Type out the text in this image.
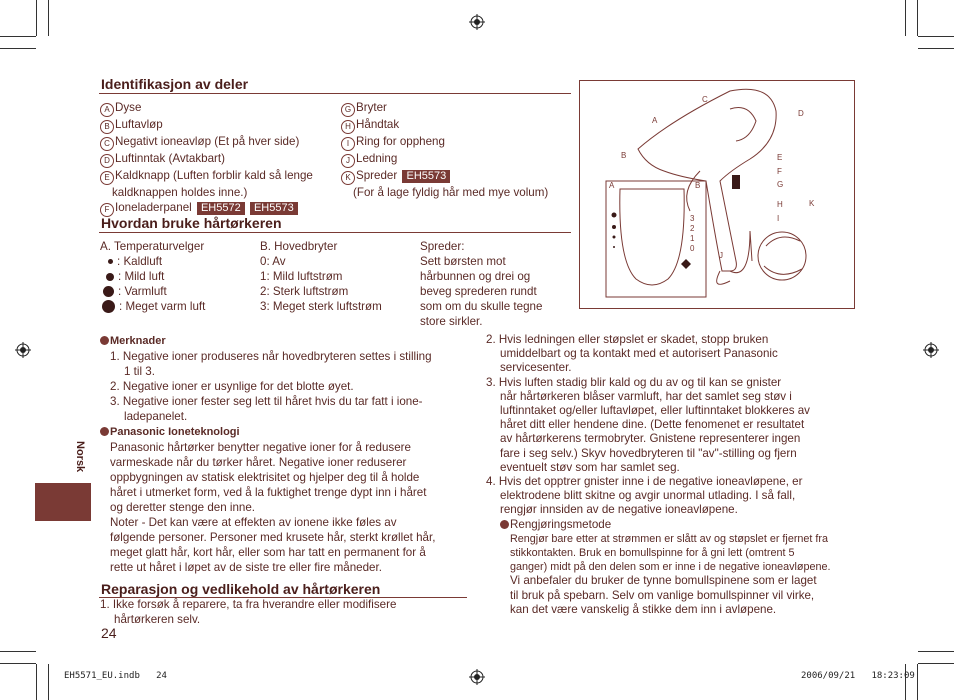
Identifikasjon av deler
A Dyse
B Luftavløp
C Negativt ioneavløp (Et på hver side)
D Luftinntak (Avtakbart)
E Kaldknapp (Luften forblir kald så lenge
kaldknappen holdes inne.)
F Ioneladerpanel EH5572 EH5573
G Bryter
H Håndtak
I Ring for oppheng
J Ledning
K Spreder EH5573
(For å lage fyldig hår med mye volum)
Hvordan bruke hårtørkeren
A. Temperaturvelger
: Kaldluft
: Mild luft
: Varmluft
: Meget varm luft
B. Hovedbryter
0: Av
1: Mild luftstrøm
2: Sterk luftstrøm
3: Meget sterk luftstrøm
Spreder:
Sett børsten mot
hårbunnen og drei og
beveg sprederen rundt
som om du skulle tegne
store sirkler.
A	B
3
2
1
0
A
B
C
D
E
F
G
H
I
J
K
Merknader
1. Negative ioner produseres når hovedbryteren settes i stilling
1 til 3.
2. Negative ioner er usynlige for det blotte øyet.
3. Negative ioner fester seg lett til håret hvis du tar fatt i ione-
ladepanelet.
Panasonic Ioneteknologi
Panasonic hårtørker benytter negative ioner for å redusere
varmeskade når du tørker håret. Negative ioner reduserer
oppbygningen av statisk elektrisitet og hjelper deg til å holde
håret i utmerket form, ved å la fuktighet trenge dypt inn i håret
og deretter stenge den inne.
Noter - Det kan være at effekten av ionene ikke føles av
følgende personer. Personer med krusete hår, sterkt krøllet hår,
meget glatt hår, kort hår, eller som har tatt en permanent for å
rette ut håret i løpet av de siste tre eller fire måneder.
Reparasjon og vedlikehold av hårtørkeren
1. Ikke forsøk å reparere, ta fra hverandre eller modifisere
hårtørkeren selv.
24
2. Hvis ledningen eller støpslet er skadet, stopp bruken
umiddelbart og ta kontakt med et autorisert Panasonic
servicesenter.
3. Hvis luften stadig blir kald og du av og til kan se gnister
når hårtørkeren blåser varmluft, har det samlet seg støv i
luftinntaket og/eller luftavløpet, eller luftinntaket blokkeres av
håret ditt eller hendene dine. (Dette fenomenet er resultatet
av hårtørkerens termobryter. Gnistene representerer ingen
fare i seg selv.) Skyv hovedbryteren til "av"-stilling og fjern
eventuelt støv som har samlet seg.
4. Hvis det opptrer gnister inne i de negative ioneavløpene, er
elektrodene blitt skitne og avgir unormal utlading. I så fall,
rengjør innsiden av de negative ioneavløpene.
Rengjøringsmetode
Rengjør bare etter at strømmen er slått av og støpslet er fjernet fra
stikkontakten. Bruk en bomullspinne for å gni lett (omtrent 5
ganger) midt på den delen som er inne i de negative ioneavløpene.
Vi anbefaler du bruker de tynne bomullspinene som er laget
til bruk på spebarn. Selv om vanlige bomullspinner vil virke,
kan det være vanskelig å stikke dem inn i avløpene.
Norsk
EH5571_EU.indb   24	2006/09/21   18:23:09
